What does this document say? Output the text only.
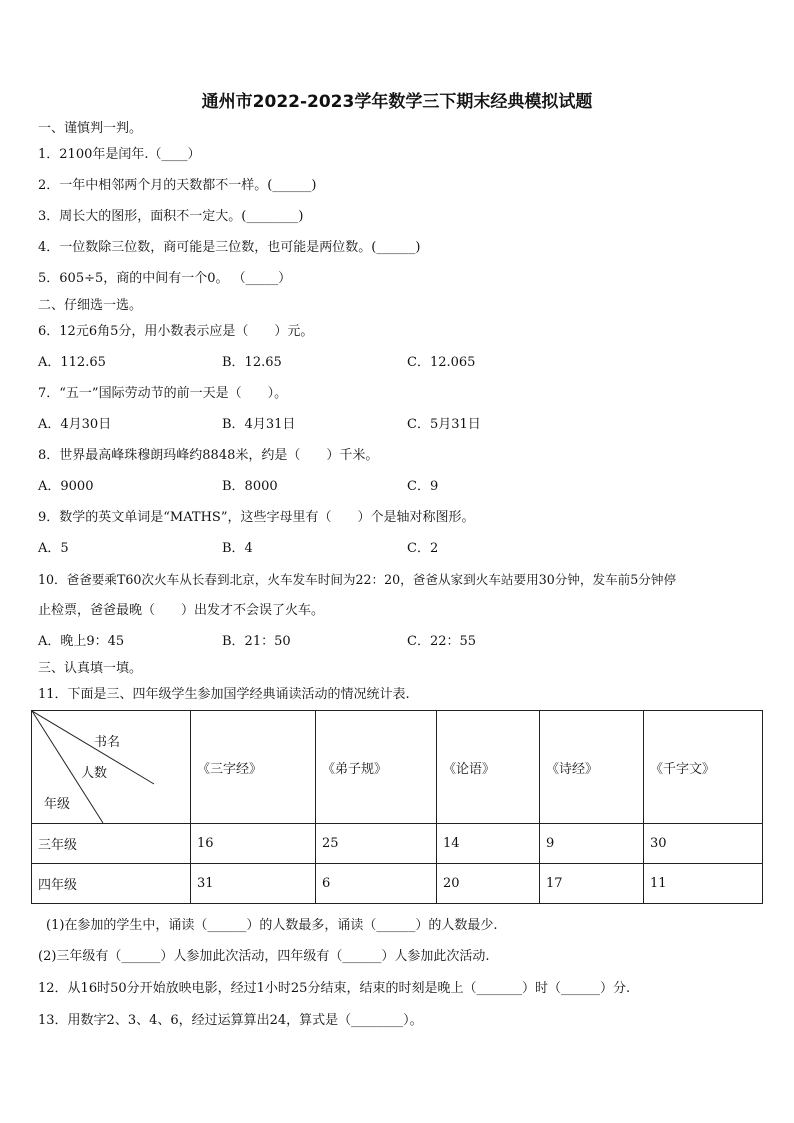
通州市2022-2023学年数学三下期末经典模拟试题
一、谨慎判一判。
1．2100年是闰年.（____）
2．一年中相邻两个月的天数都不一样。(______)
3．周长大的图形，面积不一定大。(________)
4．一位数除三位数，商可能是三位数，也可能是两位数。(______)
5．605÷5，商的中间有一个0。 （_____）
二、仔细选一选。
6．12元6角5分，用小数表示应是（　　）元。
A．112.65	B．12.65	C．12.065
7．“五一”国际劳动节的前一天是（　　）。
A．4月30日	B．4月31日	C．5月31日
8．世界最高峰珠穆朗玛峰约8848米，约是（　　）千米。
A．9000	B．8000	C．9
9．数学的英文单词是“MATHS”，这些字母里有（　　）个是轴对称图形。
A．5	B．4	C．2
10．爸爸要乘T60次火车从长春到北京，火车发车时间为22：20，爸爸从家到火车站要用30分钟，发车前5分钟停
止检票，爸爸最晚（　　）出发才不会误了火车。
A．晚上9：45	B．21：50	C．22：55
三、认真填一填。
11．下面是三、四年级学生参加国学经典诵读活动的情况统计表.
书名
人数
年级	《三字经》	《弟子规》	《论语》	《诗经》	《千字文》
三年级	16	25	14	9	30
四年级	31	6	20	17	11
(1)在参加的学生中，诵读（______）的人数最多，诵读（______）的人数最少.
(2)三年级有（______）人参加此次活动，四年级有（______）人参加此次活动.
12．从16时50分开始放映电影，经过1小时25分结束，结束的时刻是晚上（_______）时（______）分.
13．用数字2、3、4、6，经过运算算出24，算式是（________）。
